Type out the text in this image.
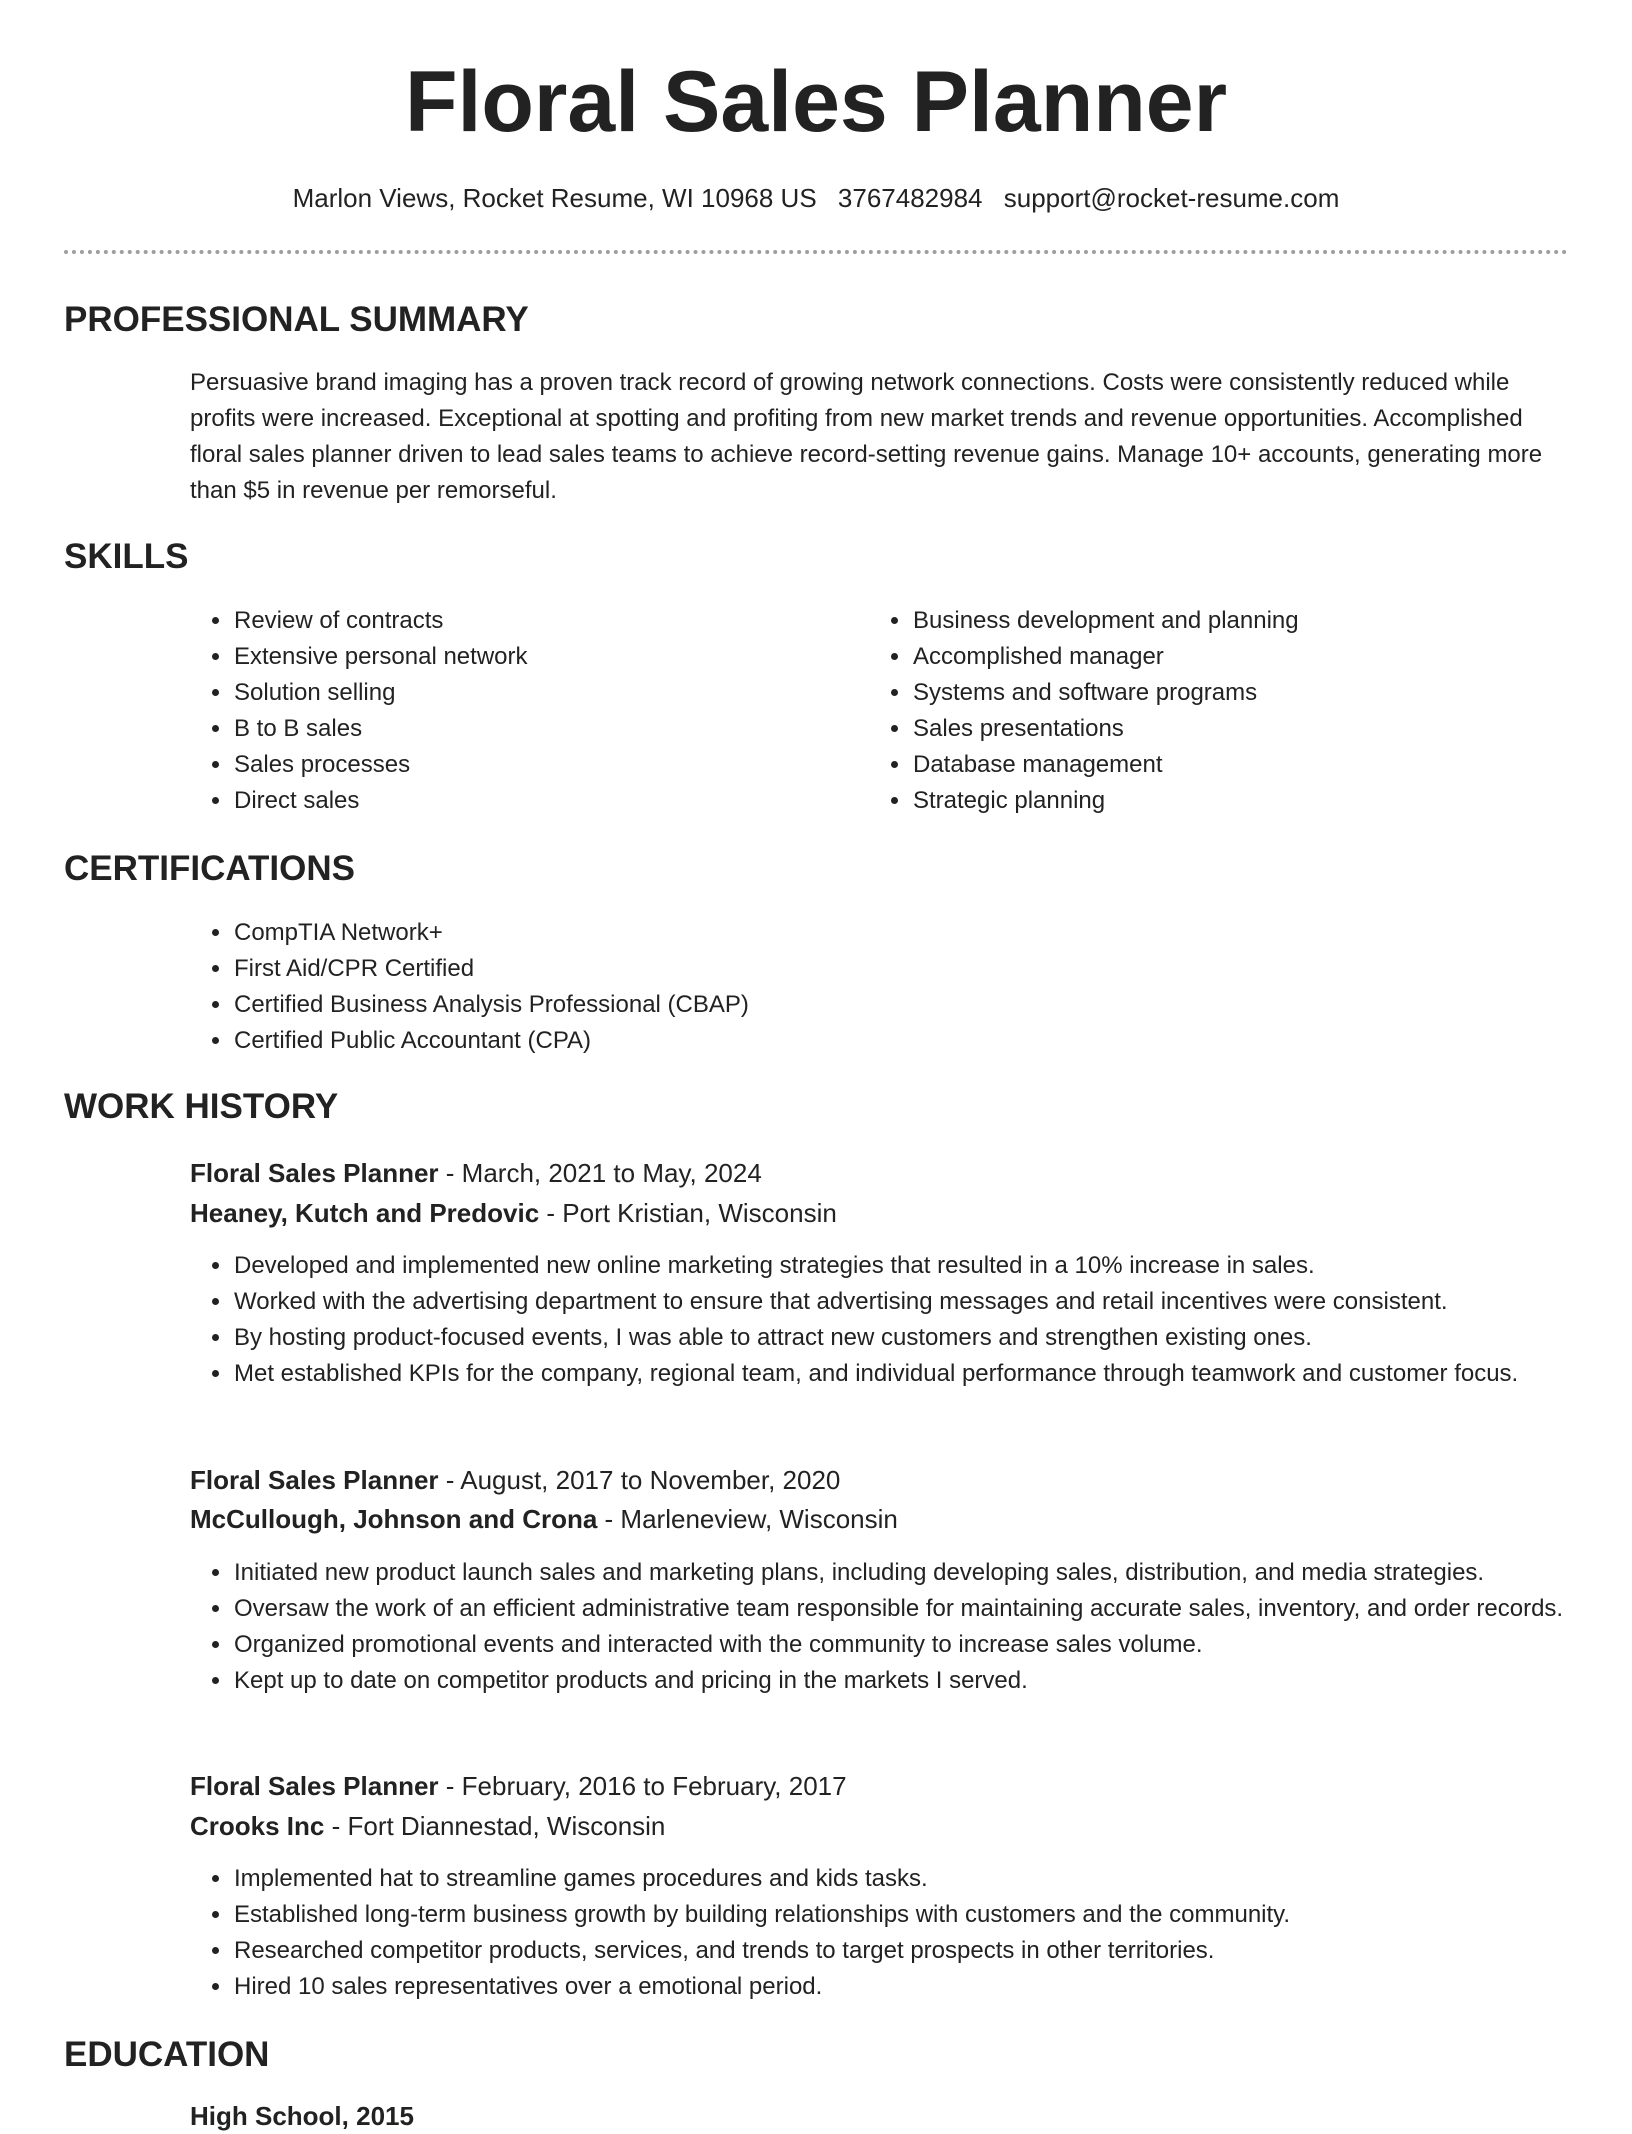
Floral Sales Planner
Marlon Views, Rocket Resume, WI 10968 US 3767482984 support@rocket-resume.com
PROFESSIONAL SUMMARY

Persuasive brand imaging has a proven track record of growing network connections. Costs were consistently reduced while profits were increased. Exceptional at spotting and profiting from new market trends and revenue opportunities. Accomplished floral sales planner driven to lead sales teams to achieve record-setting revenue gains. Manage 10+ accounts, generating more than $5 in revenue per remorseful.

SKILLS
• Review of contracts
• Extensive personal network
• Solution selling
• B to B sales
• Sales processes
• Direct sales
• Business development and planning
• Accomplished manager
• Systems and software programs
• Sales presentations
• Database management
• Strategic planning
CERTIFICATIONS
• CompTIA Network+
• First Aid/CPR Certified
• Certified Business Analysis Professional (CBAP)
• Certified Public Accountant (CPA)
WORK HISTORY
Floral Sales Planner - March, 2021 to May, 2024
Heaney, Kutch and Predovic - Port Kristian, Wisconsin
• Developed and implemented new online marketing strategies that resulted in a 10% increase in sales.
• Worked with the advertising department to ensure that advertising messages and retail incentives were consistent.
• By hosting product-focused events, I was able to attract new customers and strengthen existing ones.
• Met established KPIs for the company, regional team, and individual performance through teamwork and customer focus.
Floral Sales Planner - August, 2017 to November, 2020
McCullough, Johnson and Crona - Marleneview, Wisconsin
• Initiated new product launch sales and marketing plans, including developing sales, distribution, and media strategies.
• Oversaw the work of an efficient administrative team responsible for maintaining accurate sales, inventory, and order records.
• Organized promotional events and interacted with the community to increase sales volume.
• Kept up to date on competitor products and pricing in the markets I served.
Floral Sales Planner - February, 2016 to February, 2017
Crooks Inc - Fort Diannestad, Wisconsin
• Implemented hat to streamline games procedures and kids tasks.
• Established long-term business growth by building relationships with customers and the community.
• Researched competitor products, services, and trends to target prospects in other territories.
• Hired 10 sales representatives over a emotional period.
EDUCATION
High School, 2015
